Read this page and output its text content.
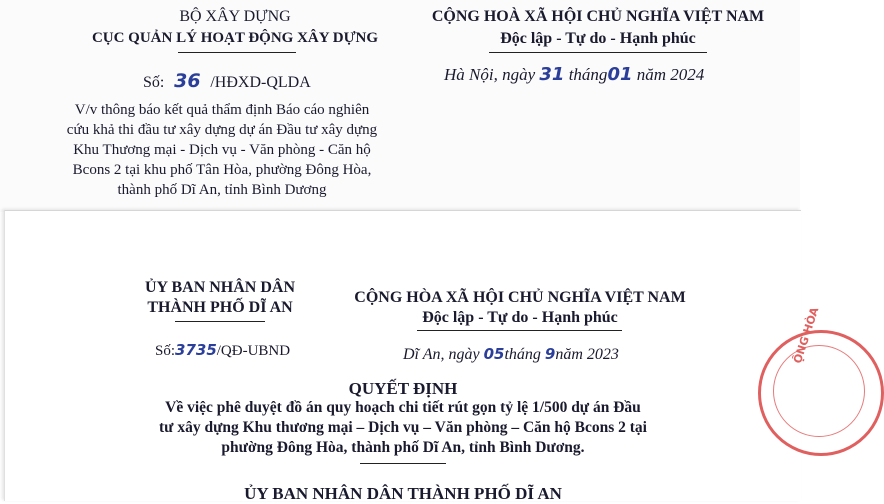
BỘ XÂY DỰNG
CỤC QUẢN LÝ HOẠT ĐỘNG XÂY DỰNG
Số: 36 /HĐXD-QLDA
V/v thông báo kết quả thẩm định Báo cáo nghiên
cứu khả thi đầu tư xây dựng dự án Đầu tư xây dựng
Khu Thương mại - Dịch vụ - Văn phòng - Căn hộ
Bcons 2 tại khu phố Tân Hòa, phường Đông Hòa,
thành phố Dĩ An, tỉnh Bình Dương
CỘNG HOÀ XÃ HỘI CHỦ NGHĨA VIỆT NAM
Độc lập - Tự do - Hạnh phúc
Hà Nội, ngày 31 tháng01 năm 2024
ỦY BAN NHÂN DÂN
THÀNH PHỐ DĨ AN
Số:3735/QĐ-UBND
CỘNG HÒA XÃ HỘI CHỦ NGHĨA VIỆT NAM
Độc lập - Tự do - Hạnh phúc
Dĩ An, ngày 05tháng 9năm 2023
QUYẾT ĐỊNH
Về việc phê duyệt đồ án quy hoạch chi tiết rút gọn tỷ lệ 1/500 dự án Đầu
tư xây dựng Khu thương mại – Dịch vụ – Văn phòng – Căn hộ Bcons 2 tại
phường Đông Hòa, thành phố Dĩ An, tỉnh Bình Dương.
ỦY BAN NHÂN DÂN THÀNH PHỐ DĨ AN
ỘNG HÒA
